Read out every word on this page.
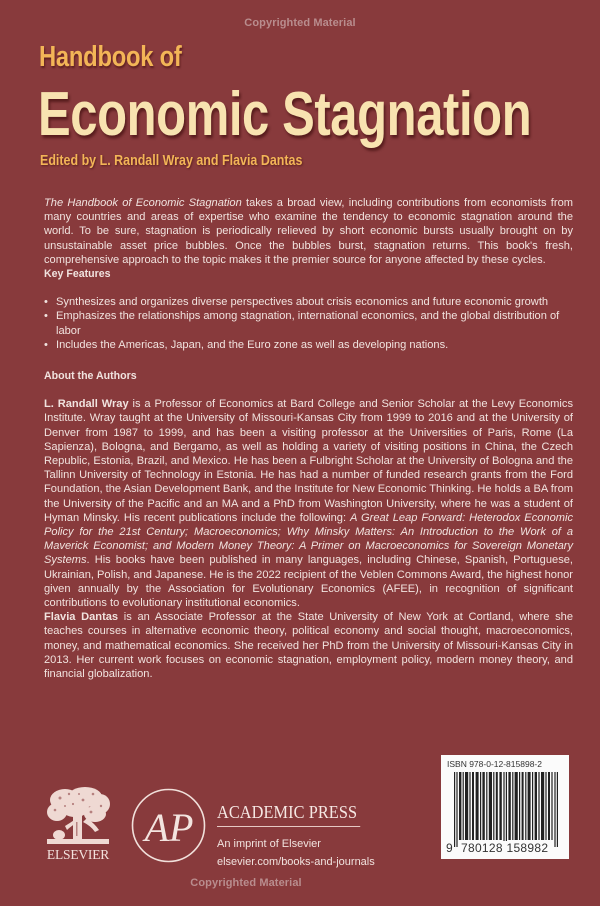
Copyrighted Material
Handbook of
Economic Stagnation
Edited by L. Randall Wray and Flavia Dantas

The Handbook of Economic Stagnation takes a broad view, including contributions from economists from many countries and areas of expertise who examine the tendency to economic stagnation around the world. To be sure, stagnation is periodically relieved by short economic bursts usually brought on by unsustainable asset price bubbles. Once the bubbles burst, stagnation returns. This book's fresh, comprehensive approach to the topic makes it the premier source for anyone affected by these cycles.

Key Features
• Synthesizes and organizes diverse perspectives about crisis economics and future economic growth
• Emphasizes the relationships among stagnation, international economics, and the global distribution of labor
• Includes the Americas, Japan, and the Euro zone as well as developing nations.
About the Authors

L. Randall Wray is a Professor of Economics at Bard College and Senior Scholar at the Levy Economics Institute. Wray taught at the University of Missouri-Kansas City from 1999 to 2016 and at the University of Denver from 1987 to 1999, and has been a visiting professor at the Universities of Paris, Rome (La Sapienza), Bologna, and Bergamo, as well as holding a variety of visiting positions in China, the Czech Republic, Estonia, Brazil, and Mexico. He has been a Fulbright Scholar at the University of Bologna and the Tallinn University of Technology in Estonia. He has had a number of funded research grants from the Ford Foundation, the Asian Development Bank, and the Institute for New Economic Thinking. He holds a BA from the University of the Pacific and an MA and a PhD from Washington University, where he was a student of Hyman Minsky. His recent publications include the following: A Great Leap Forward: Heterodox Economic Policy for the 21st Century; Macroeconomics; Why Minsky Matters: An Introduction to the Work of a Maverick Economist; and Modern Money Theory: A Primer on Macroeconomics for Sovereign Monetary Systems. His books have been published in many languages, including Chinese, Spanish, Portuguese, Ukrainian, Polish, and Japanese. He is the 2022 recipient of the Veblen Commons Award, the highest honor given annually by the Association for Evolutionary Economics (AFEE), in recognition of significant contributions to evolutionary institutional economics.

Flavia Dantas is an Associate Professor at the State University of New York at Cortland, where she teaches courses in alternative economic theory, political economy and social thought, macroeconomics, money, and mathematical economics. She received her PhD from the University of Missouri-Kansas City in 2013. Her current work focuses on economic stagnation, employment policy, modern money theory, and financial globalization.

ELSEVIER
AP ACADEMIC PRESS
An imprint of Elsevier
elsevier.com/books-and-journals
Copyrighted Material
ISBN 978-0-12-815898-2
9 780128 158982
